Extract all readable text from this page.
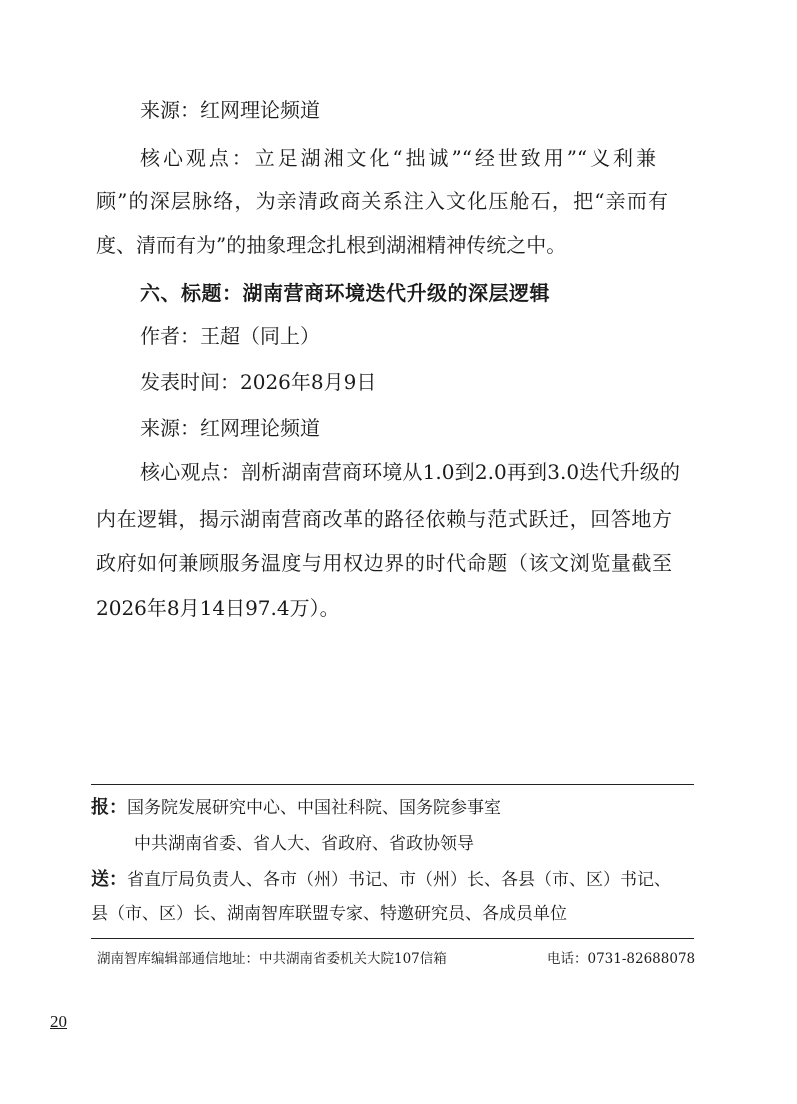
来源：红网理论频道
核心观点：立足湖湘文化“拙诚”“经世致用”“义利兼
顾”的深层脉络，为亲清政商关系注入文化压舱石，把“亲而有
度、清而有为”的抽象理念扎根到湖湘精神传统之中。
六、标题：湖南营商环境迭代升级的深层逻辑
作者：王超（同上）
发表时间：2026年8月9日
来源：红网理论频道
核心观点：剖析湖南营商环境从1.0到2.0再到3.0迭代升级的
内在逻辑，揭示湖南营商改革的路径依赖与范式跃迁，回答地方
政府如何兼顾服务温度与用权边界的时代命题（该文浏览量截至
2026年8月14日97.4万）。
报：国务院发展研究中心、中国社科院、国务院参事室
中共湖南省委、省人大、省政府、省政协领导
送：省直厅局负责人、各市（州）书记、市（州）长、各县（市、区）书记、
县（市、区）长、湖南智库联盟专家、特邀研究员、各成员单位
湖南智库编辑部通信地址：中共湖南省委机关大院107信箱	电话：0731-82688078
20
